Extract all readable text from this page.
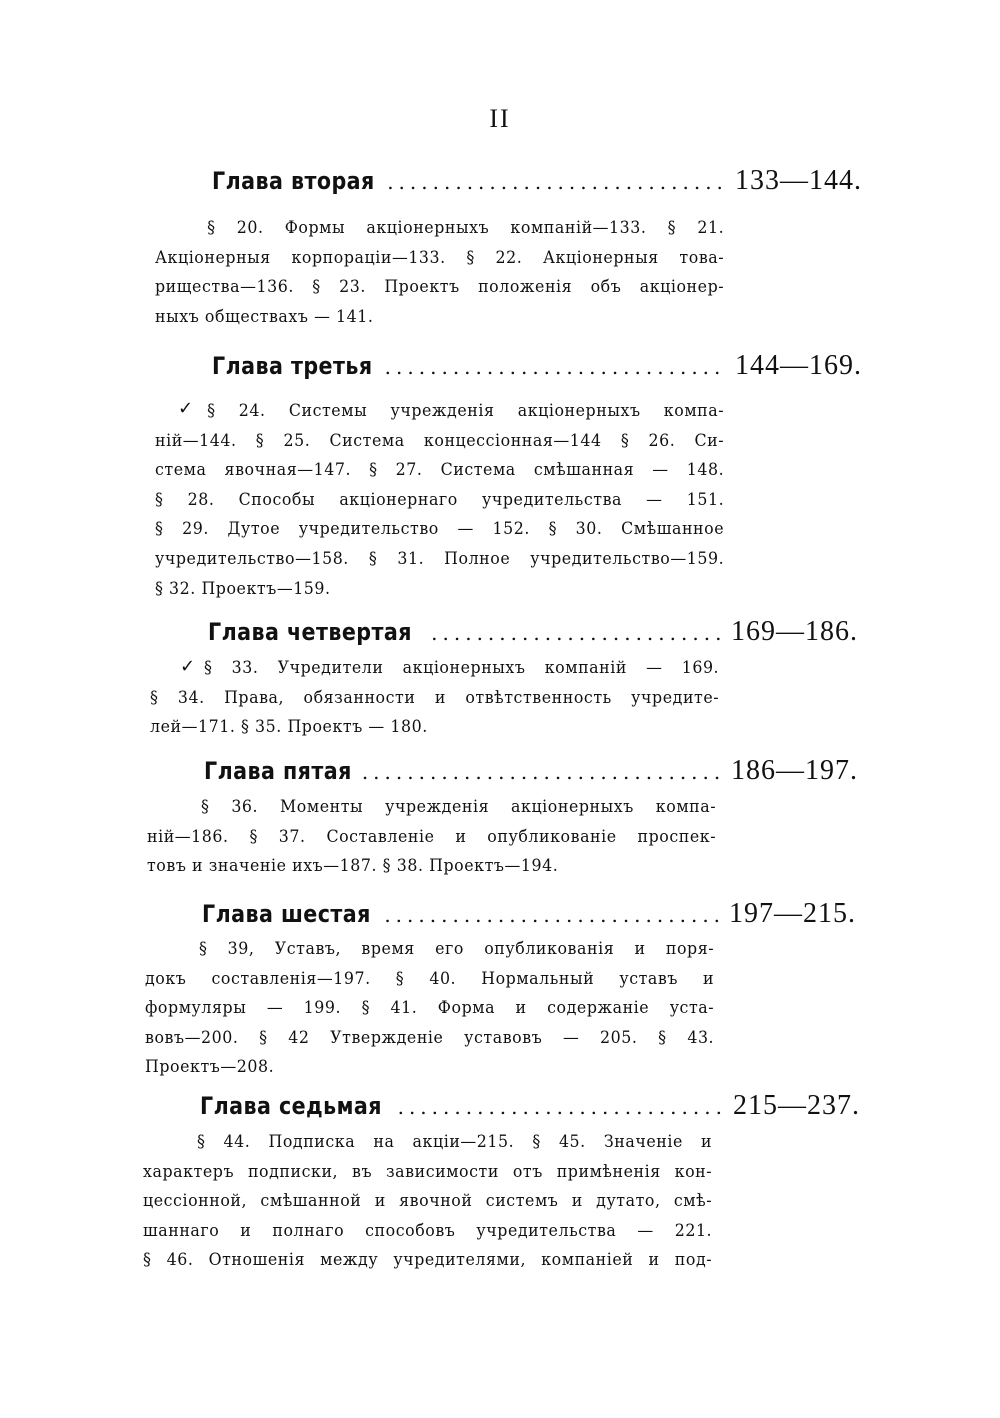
II
Глава вторая .....	133—144.
§ 20. Формы акціонерныхъ компаній—133. § 21.
Акціонерныя корпораціи—133. § 22. Акціонерныя това-
рищества—136. § 23. Проектъ положенія объ акціонер-
ныхъ обществахъ — 141.
Глава третья .....	144—169.
✓ § 24. Системы учрежденія акціонерныхъ компа-
ній—144. § 25. Система концессіонная—144 § 26. Си-
стема явочная—147. § 27. Система смѣшанная — 148.
§ 28. Способы акціонернаго учредительства — 151.
§ 29. Дутое учредительство — 152. § 30. Смѣшанное
учредительство—158. § 31. Полное учредительство—159.
§ 32. Проектъ—159.
Глава четвертая .....	169—186.
✓ § 33. Учредители акціонерныхъ компаній — 169.
§ 34. Права, обязанности и отвѣтственность учредите-
лей—171. § 35. Проектъ — 180.
Глава пятая .....	186—197.
§ 36. Моменты учрежденія акціонерныхъ компа-
ній—186. § 37. Составленіе и опубликованіе проспек-
товъ и значеніе ихъ—187. § 38. Проектъ—194.
Глава шестая .....	197—215.
§ 39, Уставъ, время его опубликованія и поря-
докъ составленія—197. § 40. Нормальный уставъ и
формуляры — 199. § 41. Форма и содержаніе уста-
вовъ—200. § 42 Утвержденіе уставовъ — 205. § 43.
Проектъ—208.
Глава седьмая .....	215—237.
§ 44. Подписка на акціи—215. § 45. Значеніе и
характеръ подписки, въ зависимости отъ примѣненія кон-
цессіонной, смѣшанной и явочной системъ и дутато, смѣ-
шаннаго и полнаго способовъ учредительства — 221.
§ 46. Отношенія между учредителями, компаніей и под-
